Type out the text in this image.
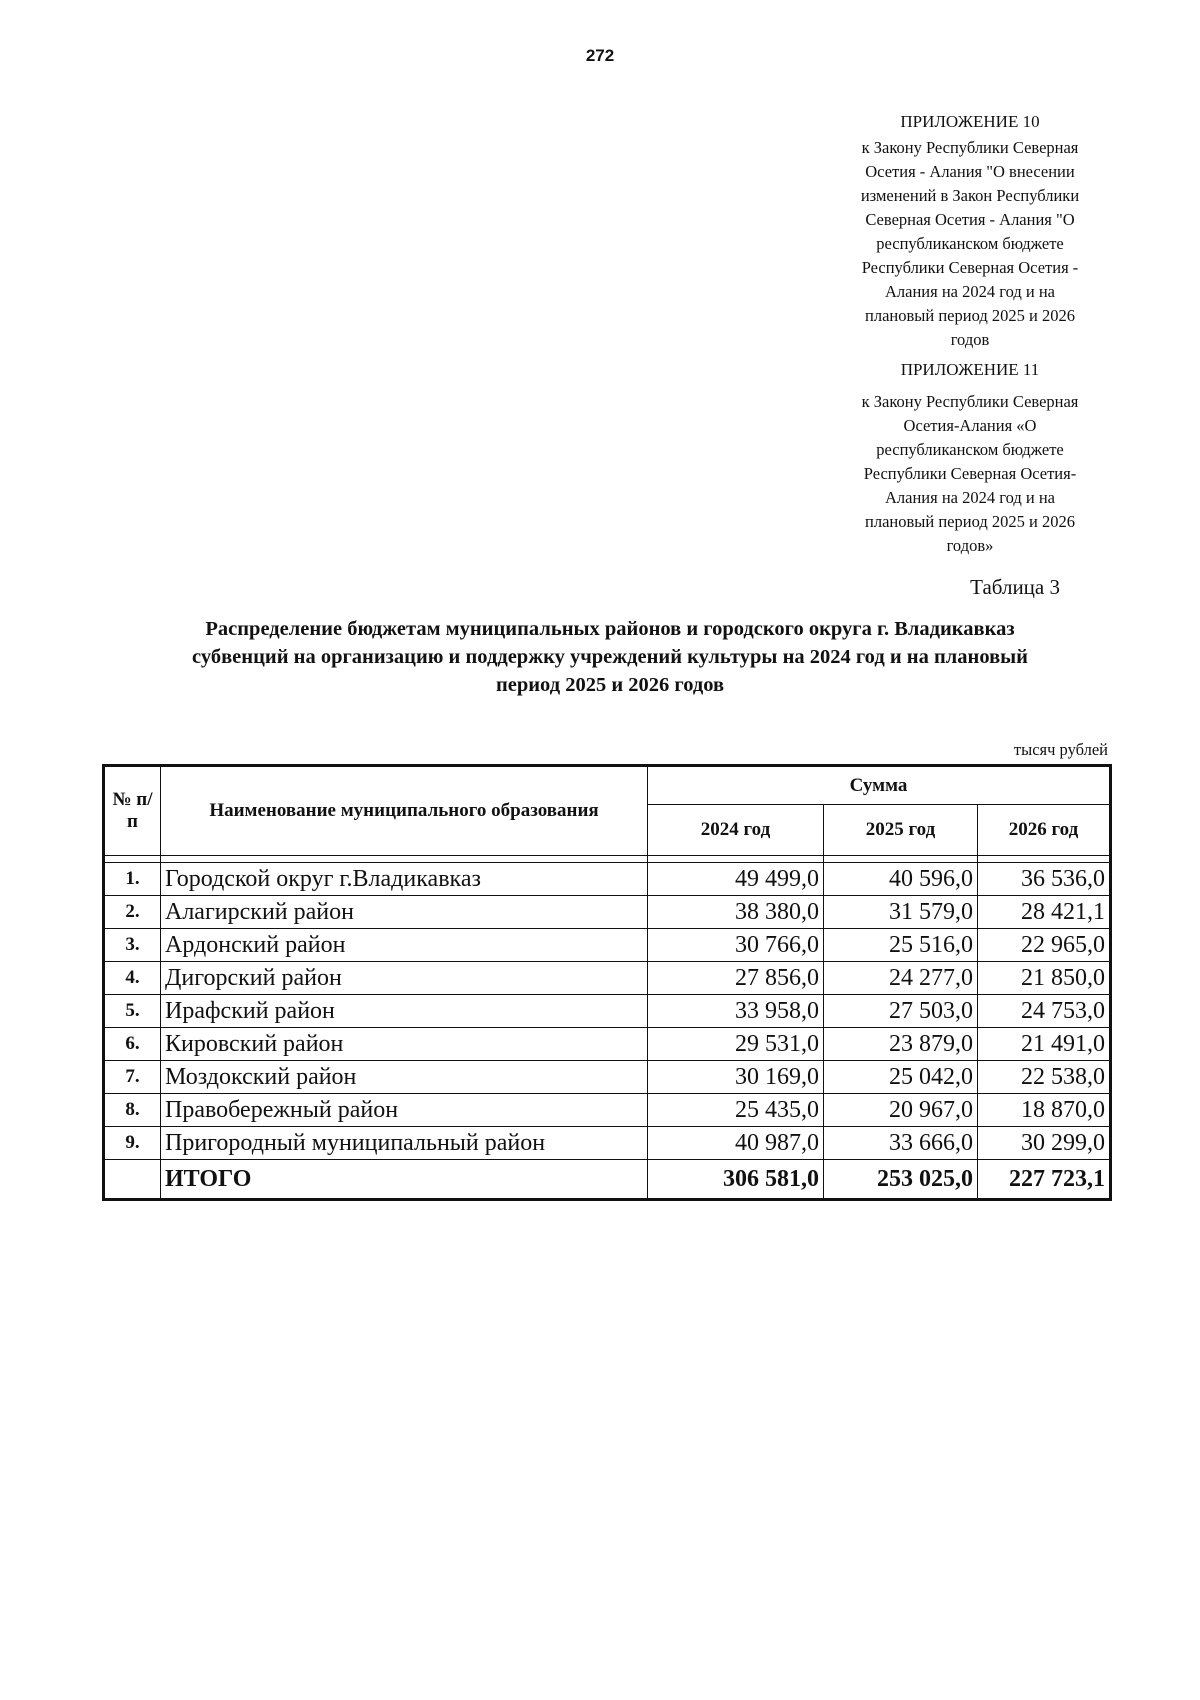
272
ПРИЛОЖЕНИЕ 10
к Закону Республики Северная
Осетия - Алания "О внесении
изменений в Закон Республики
Северная Осетия - Алания "О
республиканском бюджете
Республики Северная Осетия -
Алания на 2024 год и на
плановый период 2025 и 2026
годов
ПРИЛОЖЕНИЕ 11
к Закону Республики Северная
Осетия-Алания «О
республиканском бюджете
Республики Северная Осетия-
Алания на 2024 год и на
плановый период 2025 и 2026
годов»
Таблица 3
Распределение бюджетам муниципальных районов и городского округа г. Владикавказ
субвенций на организацию и поддержку учреждений культуры на 2024 год и на плановый
период 2025 и 2026 годов
тысяч рублей
№ п/п	Наименование муниципального образования	Сумма		
		2024 год	2025 год	2026 год

1.	Городской округ г.Владикавказ	49 499,0	40 596,0	36 536,0
2.	Алагирский район	38 380,0	31 579,0	28 421,1
3.	Ардонский район	30 766,0	25 516,0	22 965,0
4.	Дигорский район	27 856,0	24 277,0	21 850,0
5.	Ирафский район	33 958,0	27 503,0	24 753,0
6.	Кировский район	29 531,0	23 879,0	21 491,0
7.	Моздокский район	30 169,0	25 042,0	22 538,0
8.	Правобережный район	25 435,0	20 967,0	18 870,0
9.	Пригородный муниципальный район	40 987,0	33 666,0	30 299,0
	ИТОГО	306 581,0	253 025,0	227 723,1
